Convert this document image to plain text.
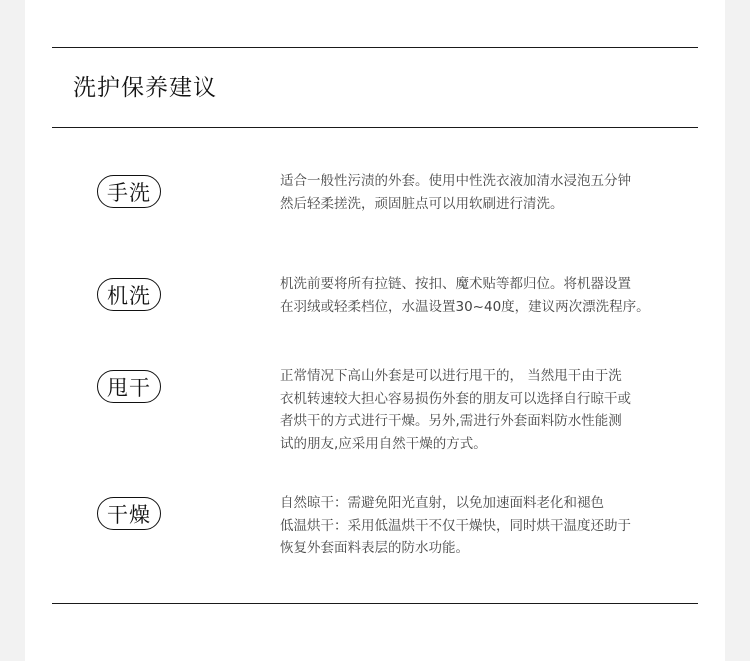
洗护保养建议
手洗	适合一般性污渍的外套。使用中性洗衣液加清水浸泡五分钟
然后轻柔搓洗，顽固脏点可以用软刷进行清洗。
机洗	机洗前要将所有拉链、按扣、魔术贴等都归位。将机器设置
在羽绒或轻柔档位，水温设置30~40度，建议两次漂洗程序。
甩干	正常情况下高山外套是可以进行甩干的， 当然甩干由于洗
衣机转速较大担心容易损伤外套的朋友可以选择自行晾干或
者烘干的方式进行干燥。另外,需进行外套面料防水性能测
试的朋友,应采用自然干燥的方式。
干燥	自然晾干：需避免阳光直射，以免加速面料老化和褪色
低温烘干：采用低温烘干不仅干燥快，同时烘干温度还助于
恢复外套面料表层的防水功能。
